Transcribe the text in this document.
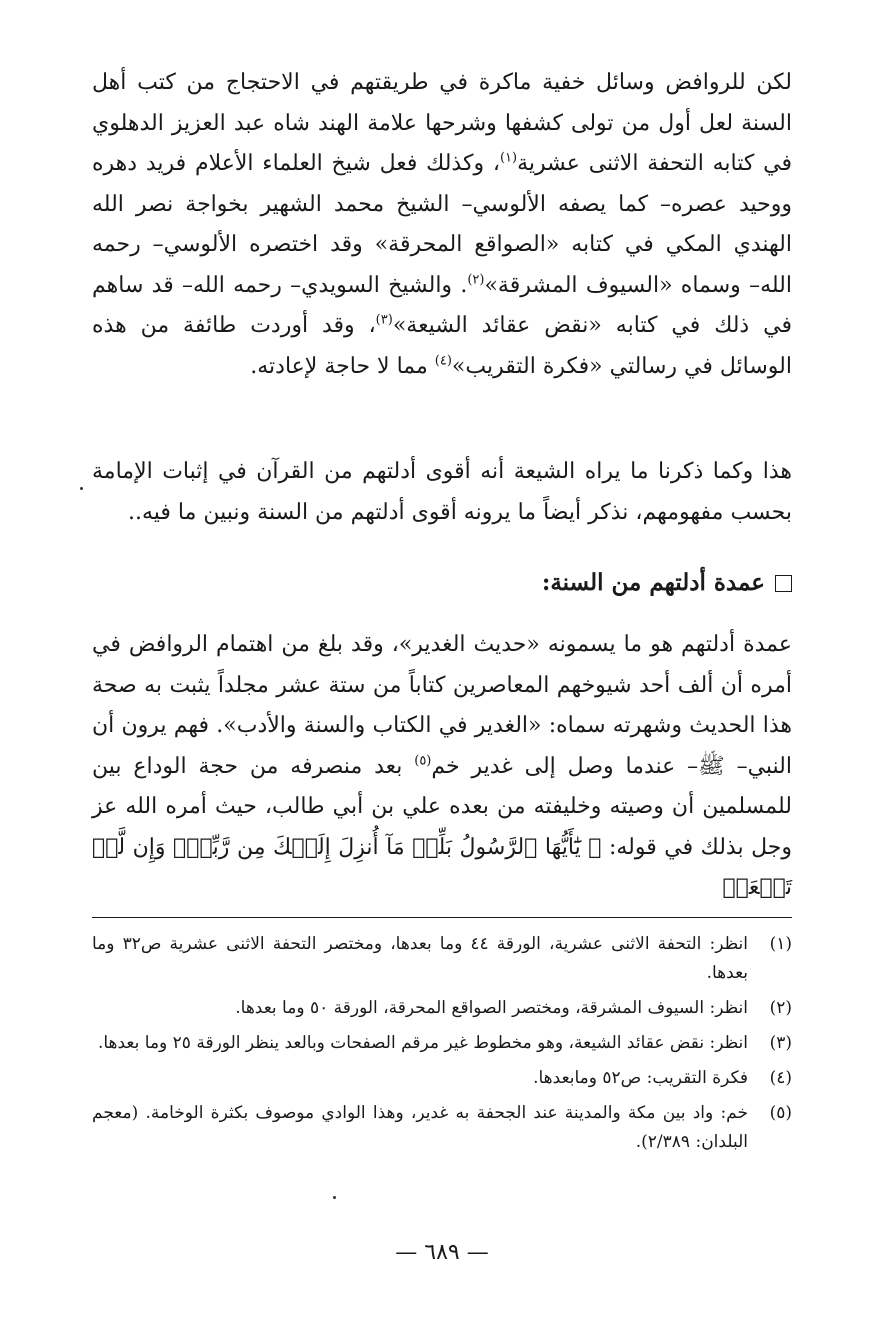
لكن للروافض وسائل خفية ماكرة في طريقتهم في الاحتجاج من كتب أهل السنة لعل أول من تولى كشفها وشرحها علامة الهند شاه عبد العزيز الدهلوي في كتابه التحفة الاثنى عشرية$^{(١)}$، وكذلك فعل شيخ العلماء الأعلام فريد دهره ووحيد عصره– كما يصفه الألوسي– الشيخ محمد الشهير بخواجة نصر الله الهندي المكي في كتابه «الصواقع المحرقة» وقد اختصره الألوسي– رحمه الله– وسماه «السيوف المشرقة»$^{(٢)}$. والشيخ السويدي– رحمه الله– قد ساهم في ذلك في كتابه «نقض عقائد الشيعة»$^{(٣)}$، وقد أوردت طائفة من هذه الوسائل في رسالتي «فكرة التقريب»$^{(٤)}$ مما لا حاجة لإعادته.
هذا وكما ذكرنا ما يراه الشيعة أنه أقوى أدلتهم من القرآن في إثبات الإمامة بحسب مفهومهم، نذكر أيضاً ما يرونه أقوى أدلتهم من السنة ونبين ما فيه..
عمدة أدلتهم من السنة:
عمدة أدلتهم هو ما يسمونه «حديث الغدير»، وقد بلغ من اهتمام الروافض في أمره أن ألف أحد شيوخهم المعاصرين كتاباً من ستة عشر مجلداً يثبت به صحة هذا الحديث وشهرته سماه: «الغدير في الكتاب والسنة والأدب». فهم يرون أن النبي– ﷺ– عندما وصل إلى غدير خم$^{(٥)}$ بعد منصرفه من حجة الوداع بين للمسلمين أن وصيته وخليفته من بعده علي بن أبي طالب، حيث أمره الله عز وجل بذلك في قوله: ﴿ يَٰٓأَيُّهَا ٱلرَّسُولُ بَلِّغۡ مَآ أُنزِلَ إِلَيۡكَ مِن رَّبِّكَۖ وَإِن لَّمۡ تَفۡعَلۡ
(١)
انظر: التحفة الاثنى عشرية، الورقة ٤٤ وما بعدها، ومختصر التحفة الاثنى عشرية ص٣٢ وما بعدها.
(٢)
انظر: السيوف المشرقة، ومختصر الصواقع المحرقة، الورقة ٥٠ وما بعدها.
(٣)
انظر: نقض عقائد الشيعة، وهو مخطوط غير مرقم الصفحات وبالعد ينظر الورقة ٢٥ وما بعدها.
(٤)
فكرة التقريب: ص٥٢ ومابعدها.
(٥)
خم: واد بين مكة والمدينة عند الجحفة به غدير، وهذا الوادي موصوف بكثرة الوخامة. (معجم البلدان: ٢/٣٨٩).
— ٦٨٩ —
